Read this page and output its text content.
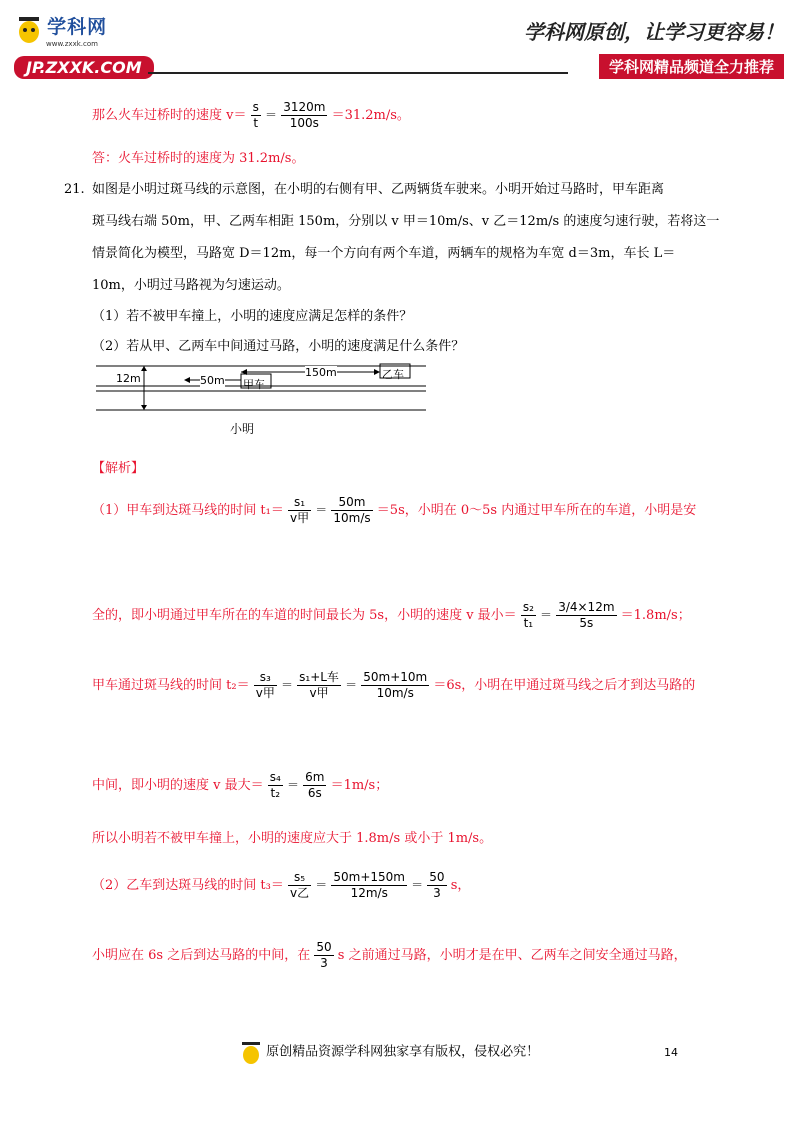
学科网
www.zxxk.com
JP.ZXXK.COM
学科网原创，让学习更容易！
学科网精品频道全力推荐
那么火车过桥时的速度 $v= \frac{s}{t} = \frac{3120m}{100s} =31.2m/s$。
答：火车过桥时的速度为 31.2m/s。
21. 如图是小明过斑马线的示意图，在小明的右侧有甲、乙两辆货车驶来。小明开始过马路时，甲车距离
斑马线右端 50m，甲、乙两车相距 150m，分别以 v 甲＝10m/s、v 乙＝12m/s 的速度匀速行驶，若将这一
情景简化为模型，马路宽 D＝12m，每一个方向有两个车道，两辆车的规格为车宽 d＝3m，车长 L＝
10m，小明过马路视为匀速运动。
（1）若不被甲车撞上，小明的速度应满足怎样的条件？
（2）若从甲、乙两车中间通过马路，小明的速度满足什么条件？
12m	50m
150m
甲车
乙车
小明
【解析】
（1）甲车到达斑马线的时间 $t_1= \frac{\text{s₁}}{\text{v甲}} = \frac{50m}{10m/s} =5s$，小明在 0～5s 内通过甲车所在的车道，小明是安
全的，即小明通过甲车所在的车道的时间最长为 5s，小明的速度 v 最小＝ $\frac{\text{s₂}}{\text{t₁}} = \frac{3/4\times 12m}{5s} =1.8m/s$；
甲车通过斑马线的时间 $t_2= \frac{\text{s₃}}{\text{v甲}} = \frac{\text{s₁+L车}}{\text{v甲}} = \frac{50m+10m}{10m/s} =6s$，小明在甲通过斑马线之后才到达马路的
中间，即小明的速度 v 最大＝ $\frac{\text{s₄}}{\text{t₂}} = \frac{6m}{6s} =1m/s$；
所以小明若不被甲车撞上，小明的速度应大于 1.8m/s 或小于 1m/s。
（2）乙车到达斑马线的时间 $t_3= \frac{\text{s₅}}{\text{v乙}} = \frac{50m+150m}{12m/s} = \frac{50}{3}$ s，
小明应在 6s 之后到达马路的中间，在 $\frac{50}{3}$ s 之前通过马路，小明才是在甲、乙两车之间安全通过马路，
原创精品资源学科网独家享有版权，侵权必究！	14
